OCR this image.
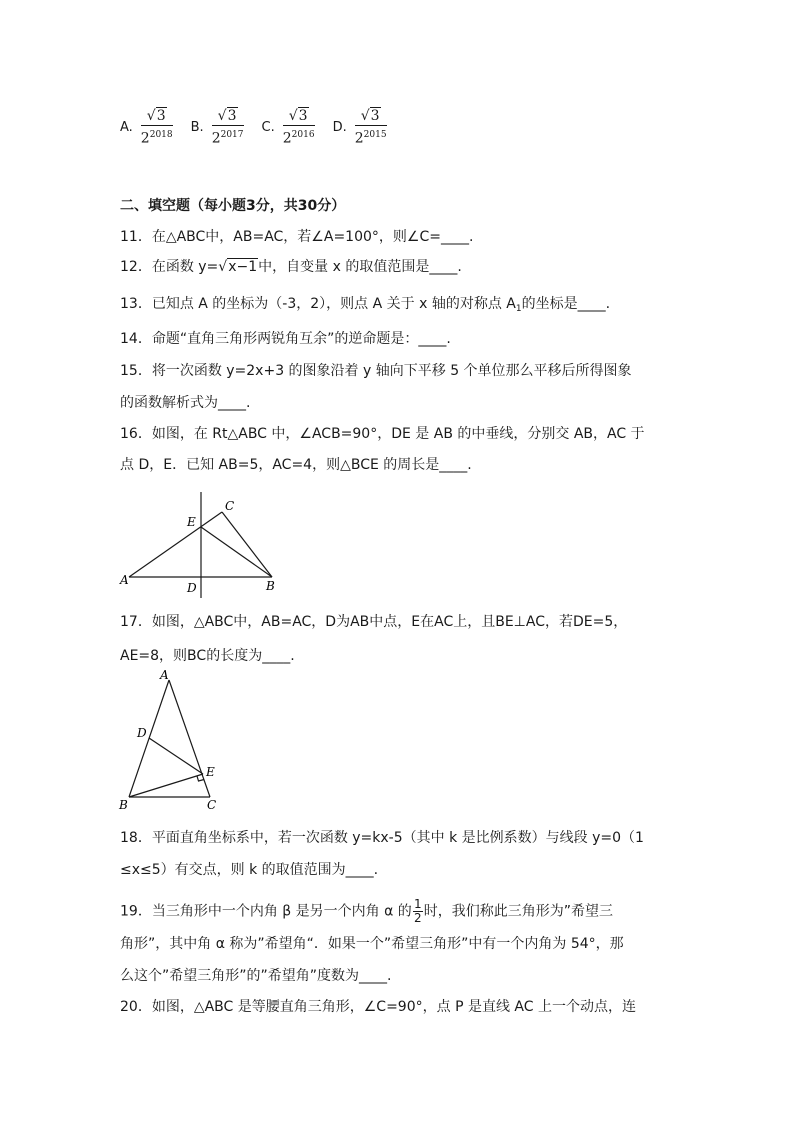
A. $\frac{√3}{2^{2018}} B$. $\frac{√3}{2^{2017}} C$. $\frac{√3}{2^{2016}} D$. $\frac{√3}{2^{2015}}$
二、填空题（每小题3分，共30分）
11．在△ABC中，AB=AC，若∠A=100°，则∠C=____.
12．在函数 y=√x−1中，自变量 x 的取值范围是____.
13．已知点 A 的坐标为（-3，2），则点 A 关于 x 轴的对称点 $A_1$的坐标是____.
14．命题“直角三角形两锐角互余”的逆命题是：____.
15．将一次函数 y=2x+3 的图象沿着 y 轴向下平移 5 个单位那么平移后所得图象
的函数解析式为____.
16．如图，在 Rt△ABC 中，∠ACB=90°，DE 是 AB 的中垂线，分别交 AB，AC 于
点 D，E．已知 AB=5，AC=4，则△BCE 的周长是____.
A	B
C
D
E
17．如图，△ABC中，AB=AC，D为AB中点，E在AC上，且BE⊥AC，若DE=5，
AE=8，则BC的长度为____.
A
B	C
D
E
18．平面直角坐标系中，若一次函数 y=kx-5（其中 k 是比例系数）与线段 y=0（1
≤x≤5）有交点，则 k 的取值范围为____.
19．当三角形中一个内角 β 是另一个内角 α 的 $\frac{1}{2}$ 时，我们称此三角形为”希望三
角形”，其中角 α 称为”希望角“．如果一个”希望三角形”中有一个内角为 54°，那
么这个”希望三角形”的”希望角”度数为____.
20．如图，△ABC 是等腰直角三角形，∠C=90°，点 P 是直线 AC 上一个动点，连
